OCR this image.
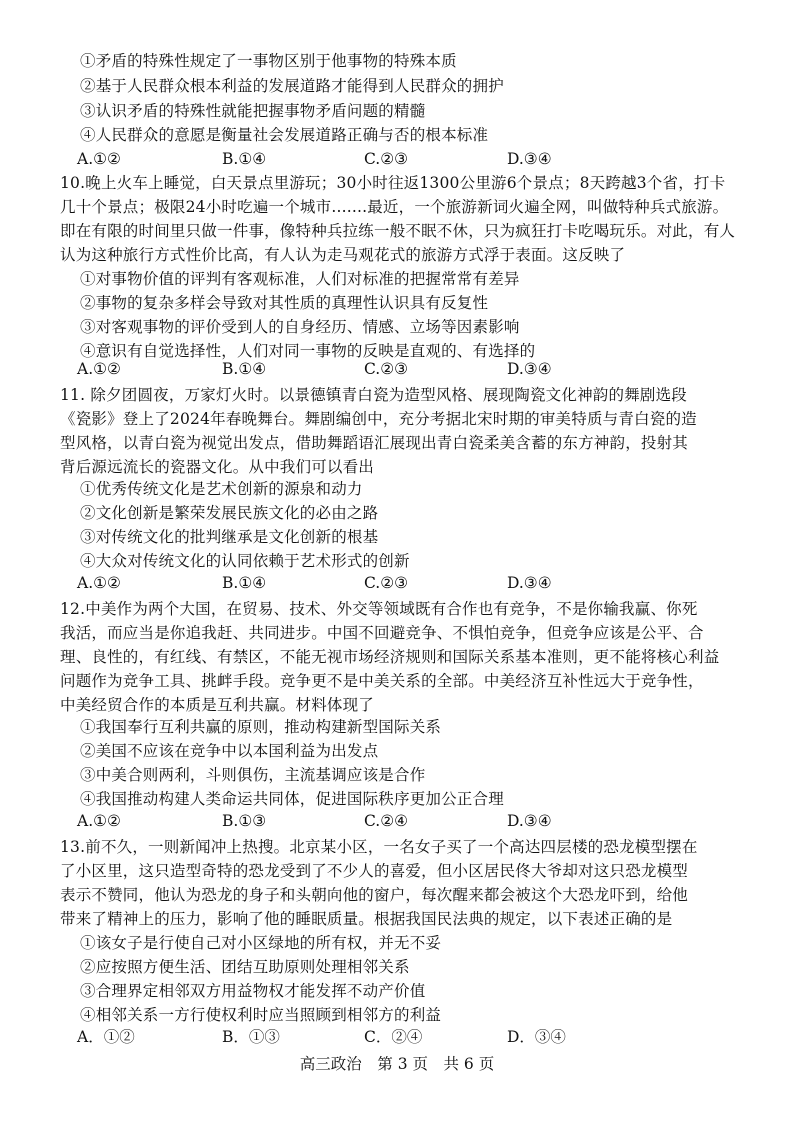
①矛盾的特殊性规定了一事物区别于他事物的特殊本质
②基于人民群众根本利益的发展道路才能得到人民群众的拥护
③认识矛盾的特殊性就能把握事物矛盾问题的精髓
④人民群众的意愿是衡量社会发展道路正确与否的根本标准
A.①②	B.①④	C.②③	D.③④
10.晚上火车上睡觉，白天景点里游玩；30小时往返1300公里游6个景点；8天跨越3个省，打卡
几十个景点；极限24小时吃遍一个城市.......最近，一个旅游新词火遍全网，叫做特种兵式旅游。
即在有限的时间里只做一件事，像特种兵拉练一般不眠不休，只为疯狂打卡吃喝玩乐。对此，有人
认为这种旅行方式性价比高，有人认为走马观花式的旅游方式浮于表面。这反映了
①对事物价值的评判有客观标准，人们对标准的把握常常有差异
②事物的复杂多样会导致对其性质的真理性认识具有反复性
③对客观事物的评价受到人的自身经历、情感、立场等因素影响
④意识有自觉选择性，人们对同一事物的反映是直观的、有选择的
A.①②	B.①④	C.②③	D.③④
11. 除夕团圆夜，万家灯火时。以景德镇青白瓷为造型风格、展现陶瓷文化神韵的舞剧选段
《瓷影》登上了2024年春晚舞台。舞剧编创中，充分考据北宋时期的审美特质与青白瓷的造
型风格，以青白瓷为视觉出发点，借助舞蹈语汇展现出青白瓷柔美含蓄的东方神韵，投射其
背后源远流长的瓷器文化。从中我们可以看出
①优秀传统文化是艺术创新的源泉和动力
②文化创新是繁荣发展民族文化的必由之路
③对传统文化的批判继承是文化创新的根基
④大众对传统文化的认同依赖于艺术形式的创新
A.①②	B.①④	C.②③	D.③④
12.中美作为两个大国，在贸易、技术、外交等领域既有合作也有竞争，不是你输我赢、你死
我活，而应当是你追我赶、共同进步。中国不回避竞争、不惧怕竞争，但竞争应该是公平、合
理、良性的，有红线、有禁区，不能无视市场经济规则和国际关系基本准则，更不能将核心利益
问题作为竞争工具、挑衅手段。竞争更不是中美关系的全部。中美经济互补性远大于竞争性，
中美经贸合作的本质是互利共赢。材料体现了
①我国奉行互利共赢的原则，推动构建新型国际关系
②美国不应该在竞争中以本国利益为出发点
③中美合则两利，斗则俱伤，主流基调应该是合作
④我国推动构建人类命运共同体，促进国际秩序更加公正合理
A.①②	B.①③	C.②④	D.③④
13.前不久，一则新闻冲上热搜。北京某小区，一名女子买了一个高达四层楼的恐龙模型摆在
了小区里，这只造型奇特的恐龙受到了不少人的喜爱，但小区居民佟大爷却对这只恐龙模型
表示不赞同，他认为恐龙的身子和头朝向他的窗户，每次醒来都会被这个大恐龙吓到，给他
带来了精神上的压力，影响了他的睡眠质量。根据我国民法典的规定，以下表述正确的是
①该女子是行使自己对小区绿地的所有权，并无不妥
②应按照方便生活、团结互助原则处理相邻关系
③合理界定相邻双方用益物权才能发挥不动产价值
④相邻关系一方行使权利时应当照顾到相邻方的利益
A．①②	B．①③	C．②④	D．③④
高三政治　第 3 页　共 6 页
